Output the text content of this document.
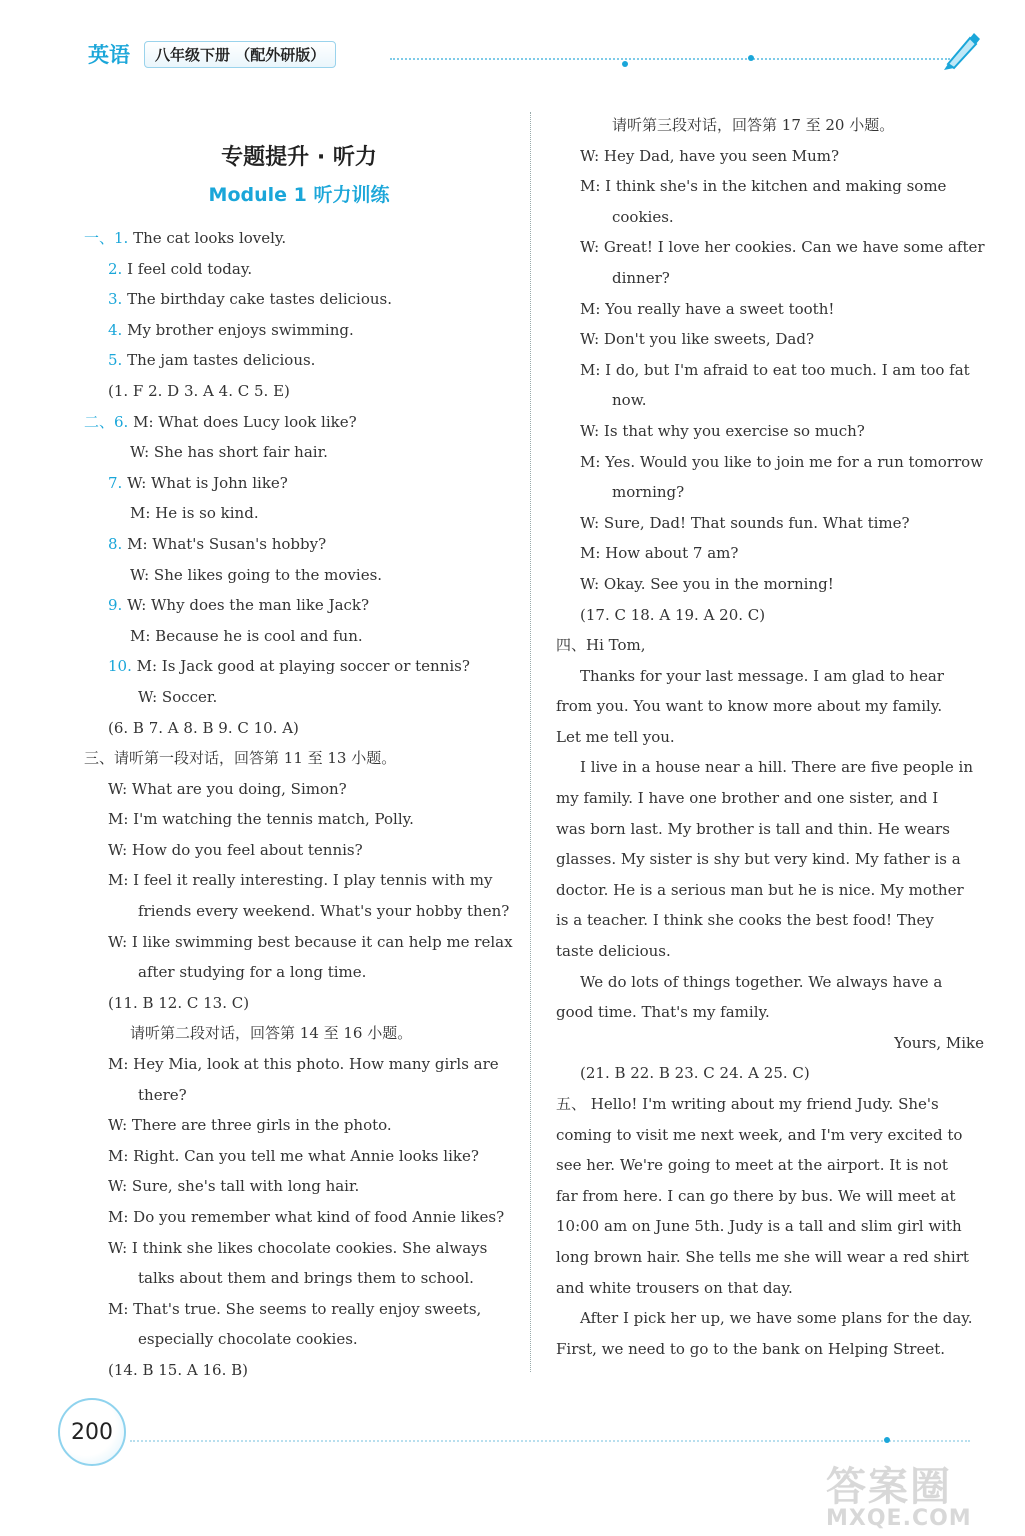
英语	八年级下册 （配外研版）
专题提升 · 听力
Module 1 听力训练
一、1. The cat looks lovely.
2. I feel cold today.
3. The birthday cake tastes delicious.
4. My brother enjoys swimming.
5. The jam tastes delicious.
(1. F 2. D 3. A 4. C 5. E)
二、6. M: What does Lucy look like?
W: She has short fair hair.
7. W: What is John like?
M: He is so kind.
8. M: What's Susan's hobby?
W: She likes going to the movies.
9. W: Why does the man like Jack?
M: Because he is cool and fun.
10. M: Is Jack good at playing soccer or tennis?
W: Soccer.
(6. B 7. A 8. B 9. C 10. A)
三、请听第一段对话，回答第 11 至 13 小题。
W: What are you doing, Simon?
M: I'm watching the tennis match, Polly.
W: How do you feel about tennis?
M: I feel it really interesting. I play tennis with my
friends every weekend. What's your hobby then?
W: I like swimming best because it can help me relax
after studying for a long time.
(11. B 12. C 13. C)
请听第二段对话，回答第 14 至 16 小题。
M: Hey Mia, look at this photo. How many girls are
there?
W: There are three girls in the photo.
M: Right. Can you tell me what Annie looks like?
W: Sure, she's tall with long hair.
M: Do you remember what kind of food Annie likes?
W: I think she likes chocolate cookies. She always
talks about them and brings them to school.
M: That's true. She seems to really enjoy sweets,
especially chocolate cookies.
(14. B 15. A 16. B)
请听第三段对话，回答第 17 至 20 小题。
W: Hey Dad, have you seen Mum?
M: I think she's in the kitchen and making some
cookies.
W: Great! I love her cookies. Can we have some after
dinner?
M: You really have a sweet tooth!
W: Don't you like sweets, Dad?
M: I do, but I'm afraid to eat too much. I am too fat
now.
W: Is that why you exercise so much?
M: Yes. Would you like to join me for a run tomorrow
morning?
W: Sure, Dad! That sounds fun. What time?
M: How about 7 am?
W: Okay. See you in the morning!
(17. C 18. A 19. A 20. C)
四、Hi Tom,
Thanks for your last message. I am glad to hear
from you. You want to know more about my family.
Let me tell you.
I live in a house near a hill. There are five people in
my family. I have one brother and one sister, and I
was born last. My brother is tall and thin. He wears
glasses. My sister is shy but very kind. My father is a
doctor. He is a serious man but he is nice. My mother
is a teacher. I think she cooks the best food! They
taste delicious.
We do lots of things together. We always have a
good time. That's my family.
Yours, Mike
(21. B 22. B 23. C 24. A 25. C)
五、 Hello! I'm writing about my friend Judy. She's
coming to visit me next week, and I'm very excited to
see her. We're going to meet at the airport. It is not
far from here. I can go there by bus. We will meet at
10:00 am on June 5th. Judy is a tall and slim girl with
long brown hair. She tells me she will wear a red shirt
and white trousers on that day.
After I pick her up, we have some plans for the day.
First, we need to go to the bank on Helping Street.
200
答案圈
MXQE.COM
